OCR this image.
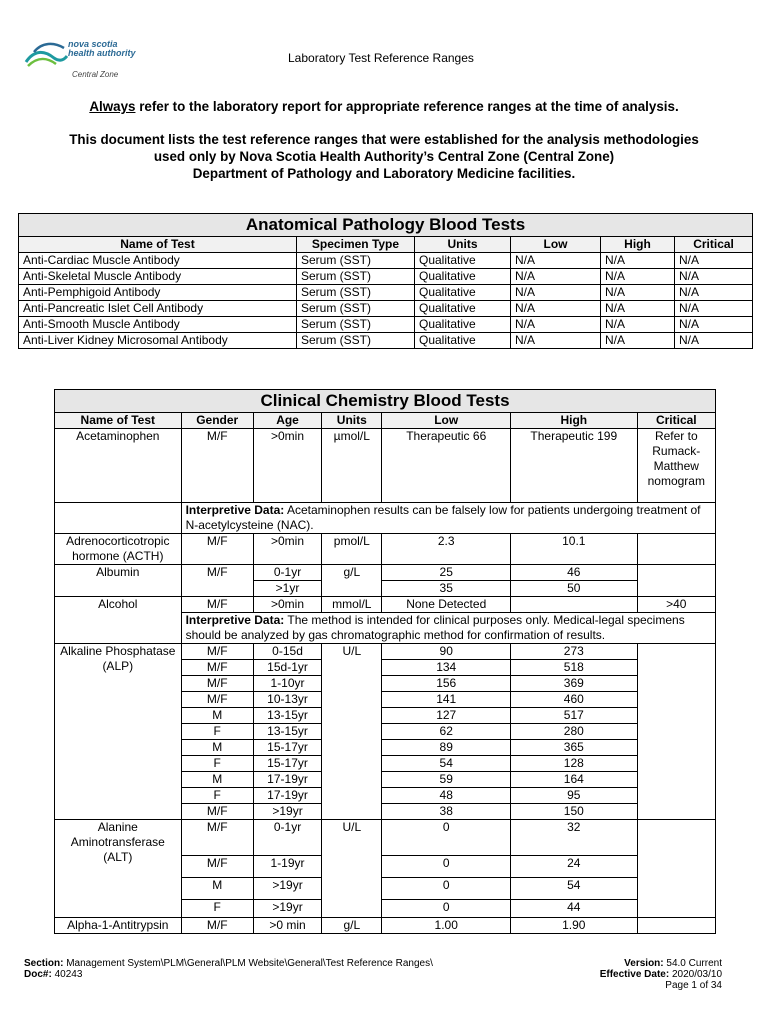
nova scotia
health authority
Central Zone
Laboratory Test Reference Ranges
Always refer to the laboratory report for appropriate reference ranges at the time of analysis.
This document lists the test reference ranges that were established for the analysis methodologies
used only by Nova Scotia Health Authority’s Central Zone (Central Zone)
Department of Pathology and Laboratory Medicine facilities.
Anatomical Pathology Blood Tests					
Name of Test	Specimen Type	Units	Low	High	Critical
Anti-Cardiac Muscle Antibody	Serum (SST)	Qualitative	N/A	N/A	N/A
Anti-Skeletal Muscle Antibody	Serum (SST)	Qualitative	N/A	N/A	N/A
Anti-Pemphigoid Antibody	Serum (SST)	Qualitative	N/A	N/A	N/A
Anti-Pancreatic Islet Cell Antibody	Serum (SST)	Qualitative	N/A	N/A	N/A
Anti-Smooth Muscle Antibody	Serum (SST)	Qualitative	N/A	N/A	N/A
Anti-Liver Kidney Microsomal Antibody	Serum (SST)	Qualitative	N/A	N/A	N/A
Clinical Chemistry Blood Tests						
Name of Test	Gender	Age	Units	Low	High	Critical
Acetaminophen	M/F	>0min	µmol/L	Therapeutic 66	Therapeutic 199	Refer to Rumack-Matthew nomogram
	Interpretive Data: Acetaminophen results can be falsely low for patients undergoing treatment of N-acetylcysteine (NAC).					
Adrenocorticotropic hormone (ACTH)	M/F	>0min	pmol/L	2.3	10.1	
Albumin	M/F	0-1yr	g/L	25	46	
		>1yr		35	50	
Alcohol	M/F	>0min	mmol/L	None Detected		>40
	Interpretive Data: The method is intended for clinical purposes only. Medical-legal specimens should be analyzed by gas chromatographic method for confirmation of results.					
Alkaline Phosphatase (ALP)	M/F	0-15d	U/L	90	273	
	M/F	15d-1yr		134	518	
	M/F	1-10yr		156	369	
	M/F	10-13yr		141	460	
	M	13-15yr		127	517	
	F	13-15yr		62	280	
	M	15-17yr		89	365	
	F	15-17yr		54	128	
	M	17-19yr		59	164	
	F	17-19yr		48	95	
	M/F	>19yr		38	150	
Alanine Aminotransferase (ALT)	M/F	0-1yr	U/L	0	32	
	M/F	1-19yr		0	24	
	M	>19yr		0	54	
	F	>19yr		0	44	
Alpha-1-Antitrypsin	M/F	>0 min	g/L	1.00	1.90	
Section: Management System\PLM\General\PLM Website\General\Test Reference Ranges\
Doc#: 40243
Version: 54.0 Current
Effective Date: 2020/03/10
Page 1 of 34
